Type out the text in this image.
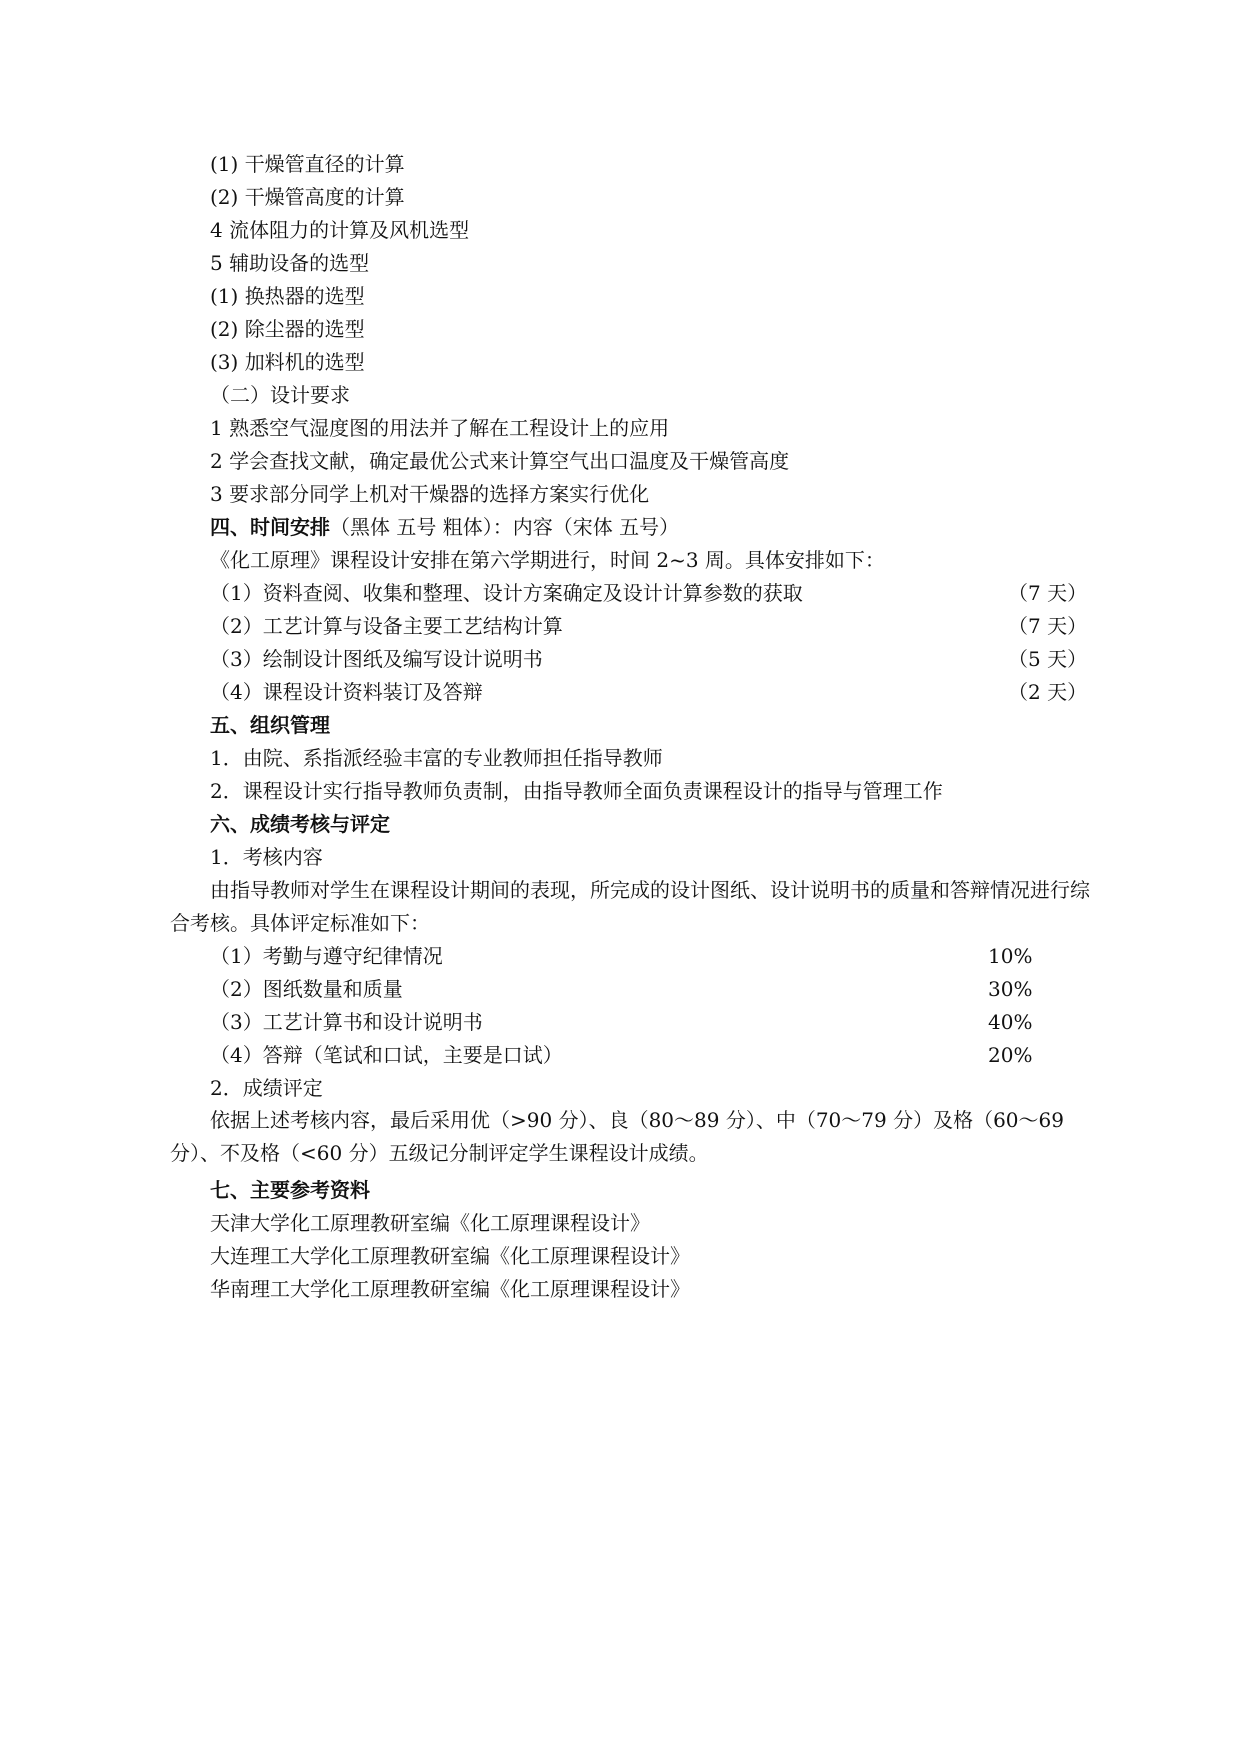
(1) 干燥管直径的计算
(2) 干燥管高度的计算
4 流体阻力的计算及风机选型
5 辅助设备的选型
(1) 换热器的选型
(2) 除尘器的选型
(3) 加料机的选型
（二）设计要求
1 熟悉空气湿度图的用法并了解在工程设计上的应用
2 学会查找文献，确定最优公式来计算空气出口温度及干燥管高度
3 要求部分同学上机对干燥器的选择方案实行优化
四、时间安排（黑体 五号 粗体）：内容（宋体 五号）
《化工原理》课程设计安排在第六学期进行，时间 2~3 周。具体安排如下：
（1）资料查阅、收集和整理、设计方案确定及设计计算参数的获取	（7 天）
（2）工艺计算与设备主要工艺结构计算	（7 天）
（3）绘制设计图纸及编写设计说明书	（5 天）
（4）课程设计资料装订及答辩	（2 天）
五、组织管理
1．由院、系指派经验丰富的专业教师担任指导教师
2．课程设计实行指导教师负责制，由指导教师全面负责课程设计的指导与管理工作
六、成绩考核与评定
1．考核内容
由指导教师对学生在课程设计期间的表现，所完成的设计图纸、设计说明书的质量和答辩情况进行综合考核。具体评定标准如下：
（1）考勤与遵守纪律情况	10%
（2）图纸数量和质量	30%
（3）工艺计算书和设计说明书	40%
（4）答辩（笔试和口试，主要是口试）	20%
2．成绩评定
依据上述考核内容，最后采用优（>90 分）、良（80～89 分）、中（70～79 分）及格（60～69 分）、不及格（<60 分）五级记分制评定学生课程设计成绩。
七、主要参考资料
天津大学化工原理教研室编《化工原理课程设计》
大连理工大学化工原理教研室编《化工原理课程设计》
华南理工大学化工原理教研室编《化工原理课程设计》
